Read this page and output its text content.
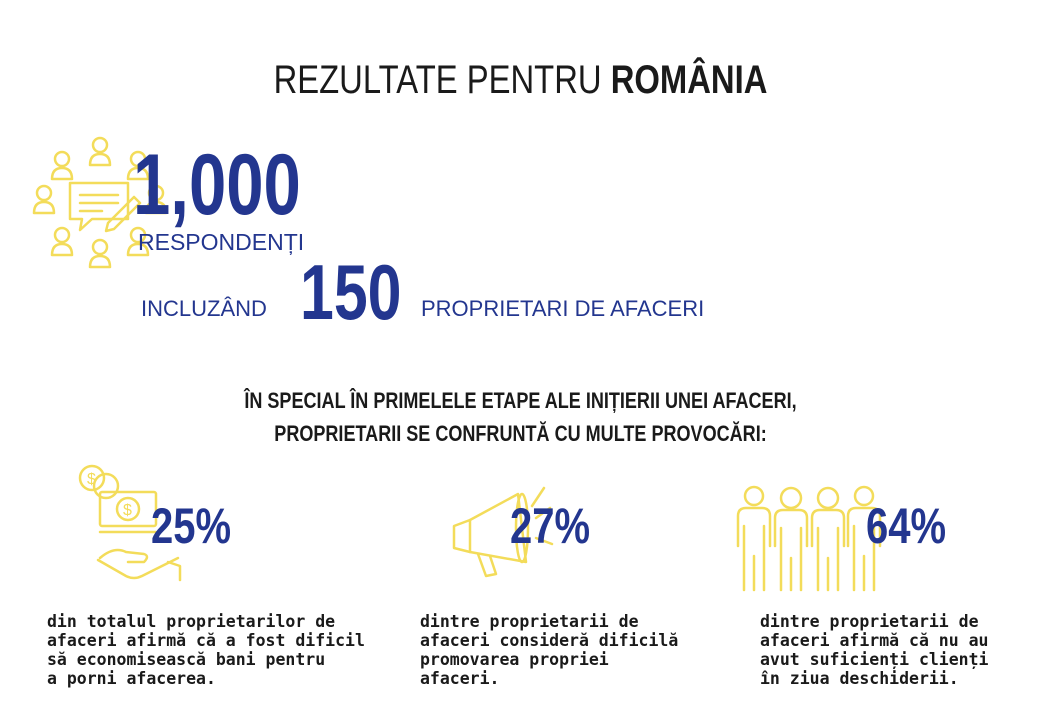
REZULTATE PENTRU ROMÂNIA
1,000
RESPONDENȚI
INCLUZÂND 150 PROPRIETARI DE AFACERI
ÎN SPECIAL ÎN PRIMELELE ETAPE ALE INIȚIERII UNEI AFACERI,
PROPRIETARII SE CONFRUNTĂ CU MULTE PROVOCĂRI:
$
$ 25%
din totalul proprietarilor de
afaceri afirmă că a fost dificil
să economisească bani pentru
a porni afacerea.
27%
dintre proprietarii de
afaceri consideră dificilă
promovarea propriei
afaceri.
64%
dintre proprietarii de
afaceri afirmă că nu au
avut suficienți clienți
în ziua deschiderii.
